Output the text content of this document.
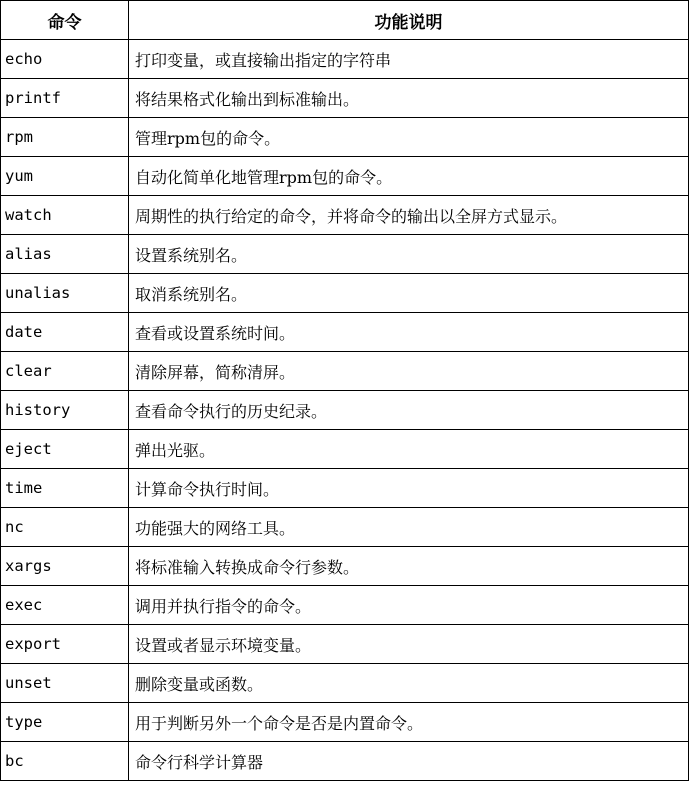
命令	功能说明
echo	打印变量，或直接输出指定的字符串
printf	将结果格式化输出到标准输出。
rpm	管理rpm包的命令。
yum	自动化简单化地管理rpm包的命令。
watch	周期性的执行给定的命令，并将命令的输出以全屏方式显示。
alias	设置系统别名。
unalias	取消系统别名。
date	查看或设置系统时间。
clear	清除屏幕，简称清屏。
history	查看命令执行的历史纪录。
eject	弹出光驱。
time	计算命令执行时间。
nc	功能强大的网络工具。
xargs	将标准输入转换成命令行参数。
exec	调用并执行指令的命令。
export	设置或者显示环境变量。
unset	删除变量或函数。
type	用于判断另外一个命令是否是内置命令。
bc	命令行科学计算器
